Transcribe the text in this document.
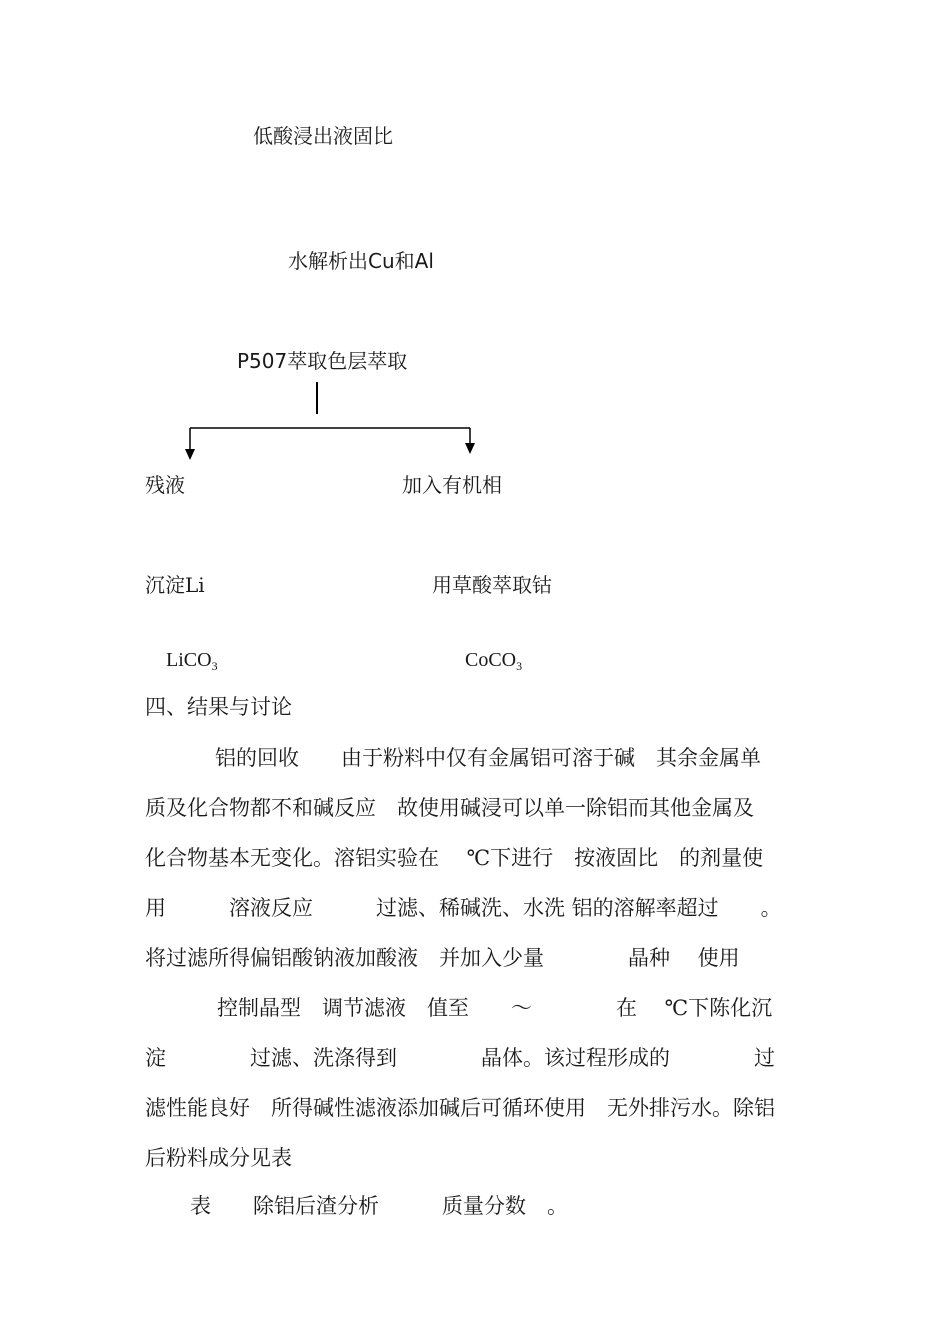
低酸浸出液固比
水解析出Cu和Al
P507萃取色层萃取
残液	加入有机相
沉淀Li	用草酸萃取钴
LiCO$_3$	CoCO$_3$
四、结果与讨论
铝的回收　　由于粉料中仅有金属铝可溶于碱　其余金属单
质及化合物都不和碱反应　故使用碱浸可以单一除铝而其他金属及
化合物基本无变化。溶铝实验在　 ℃下进行　按液固比　的剂量使
用　　　溶液反应　　　过滤、稀碱洗、水洗 铝的溶解率超过　　。
将过滤所得偏铝酸钠液加酸液　并加入少量　　　　晶种　 使用
控制晶型　调节滤液　值至　　～　　　　在　 ℃下陈化沉
淀　　　　过滤、洗涤得到　　　　晶体。该过程形成的　　　　过
滤性能良好　所得碱性滤液添加碱后可循环使用　无外排污水。除铝
后粉料成分见表
表　　除铝后渣分析　　　质量分数　。
